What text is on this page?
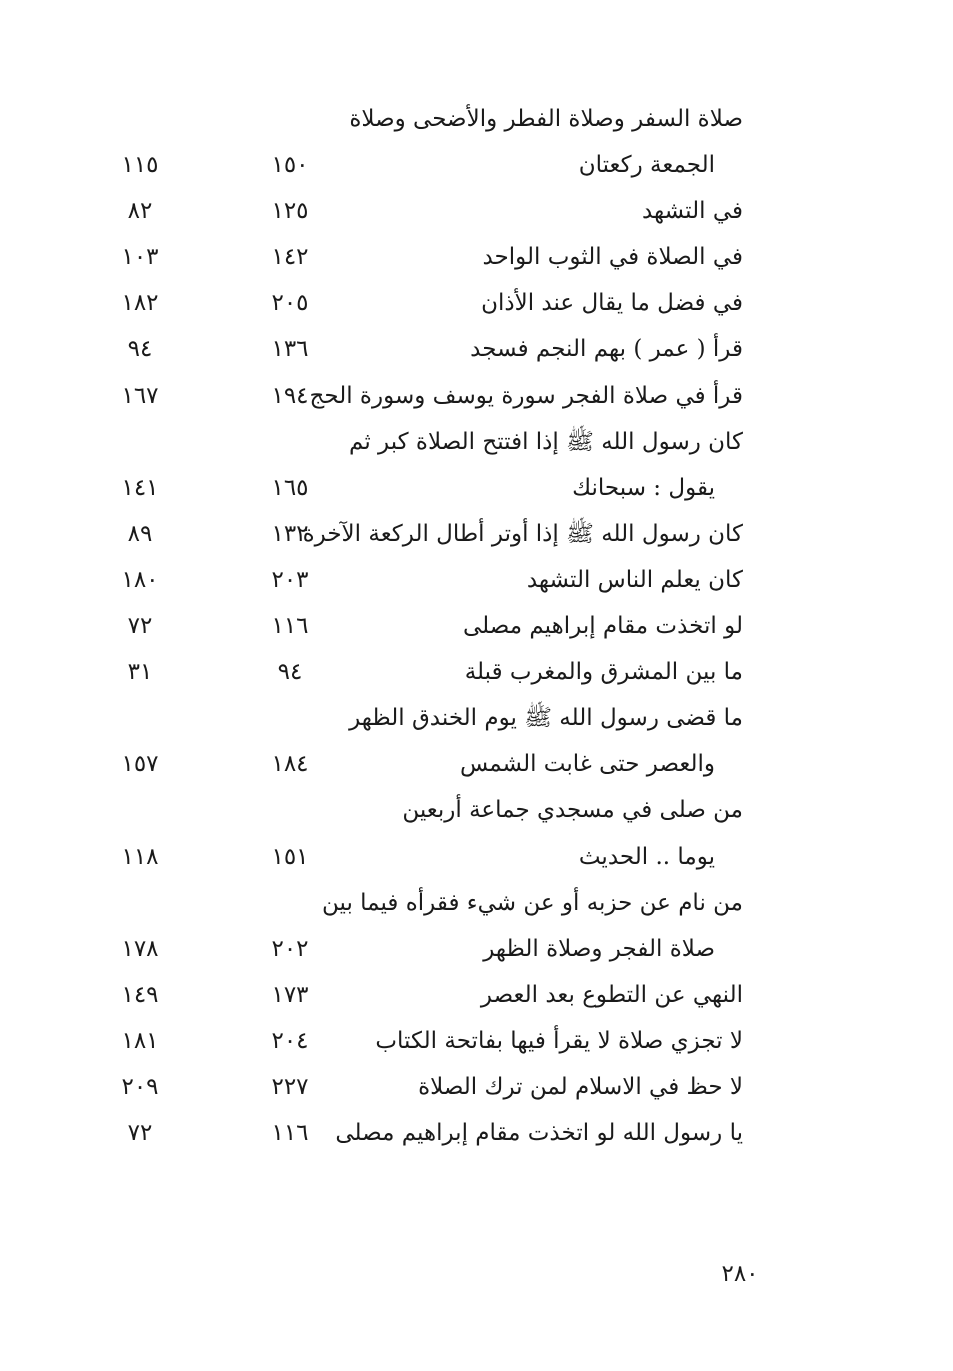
صلاة السفر وصلاة الفطر والأضحى وصلاة
الجمعة ركعتان
١٥٠
١١٥
في التشهد
١٢٥
٨٢
في الصلاة في الثوب الواحد
١٤٢
١٠٣
في فضل ما يقال عند الأذان
٢٠٥
١٨٢
قرأ ( عمر ) بهم النجم فسجد
١٣٦
٩٤
قرأ في صلاة الفجر سورة يوسف وسورة الحج
١٩٤
١٦٧
كان رسول الله ﷺ إذا افتتح الصلاة كبر ثم
يقول : سبحانك
١٦٥
١٤١
كان رسول الله ﷺ إذا أوتر أطال الركعة الآخرة
١٣٢
٨٩
كان يعلم الناس التشهد
٢٠٣
١٨٠
لو اتخذت مقام إبراهيم مصلى
١١٦
٧٢
ما بين المشرق والمغرب قبلة
٩٤
٣١
ما قضى رسول الله ﷺ يوم الخندق الظهر
والعصر حتى غابت الشمس
١٨٤
١٥٧
من صلى في مسجدي جماعة أربعين
يوما .. الحديث
١٥١
١١٨
من نام عن حزبه أو عن شيء فقرأه فيما بين
صلاة الفجر وصلاة الظهر
٢٠٢
١٧٨
النهي عن التطوع بعد العصر
١٧٣
١٤٩
لا تجزي صلاة لا يقرأ فيها بفاتحة الكتاب
٢٠٤
١٨١
لا حظ في الاسلام لمن ترك الصلاة
٢٢٧
٢٠٩
يا رسول الله لو اتخذت مقام إبراهيم مصلى
١١٦
٧٢
٢٨٠
